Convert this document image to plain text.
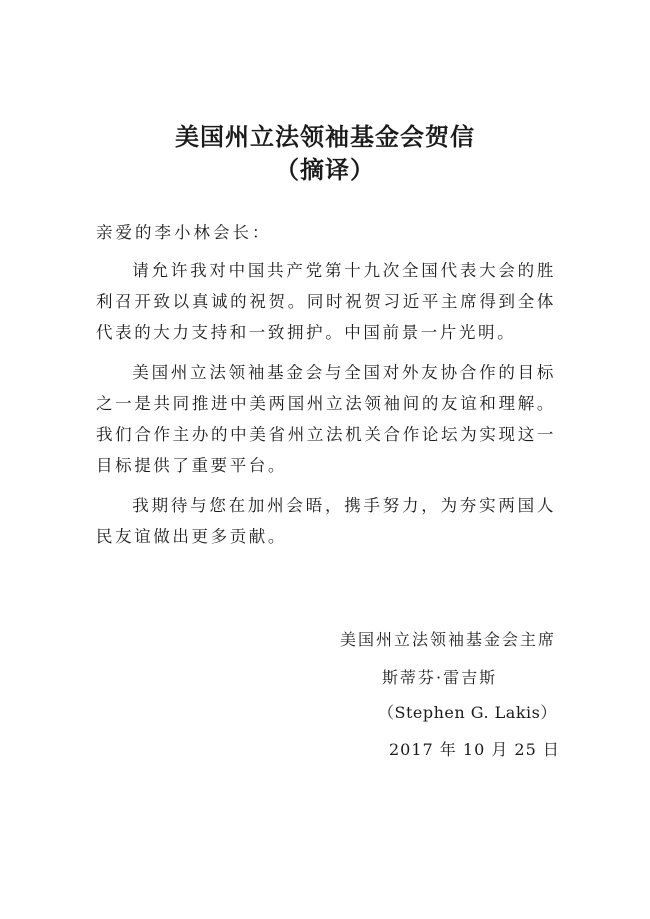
美国州立法领袖基金会贺信
（摘译）
亲爱的李小林会长：

请允许我对中国共产党第十九次全国代表大会的胜利召开致以真诚的祝贺。同时祝贺习近平主席得到全体代表的大力支持和一致拥护。中国前景一片光明。

美国州立法领袖基金会与全国对外友协合作的目标之一是共同推进中美两国州立法领袖间的友谊和理解。我们合作主办的中美省州立法机关合作论坛为实现这一目标提供了重要平台。

我期待与您在加州会晤，携手努力，为夯实两国人民友谊做出更多贡献。

美国州立法领袖基金会主席
斯蒂芬·雷吉斯
（Stephen G. Lakis）
2017 年 10 月 25 日
